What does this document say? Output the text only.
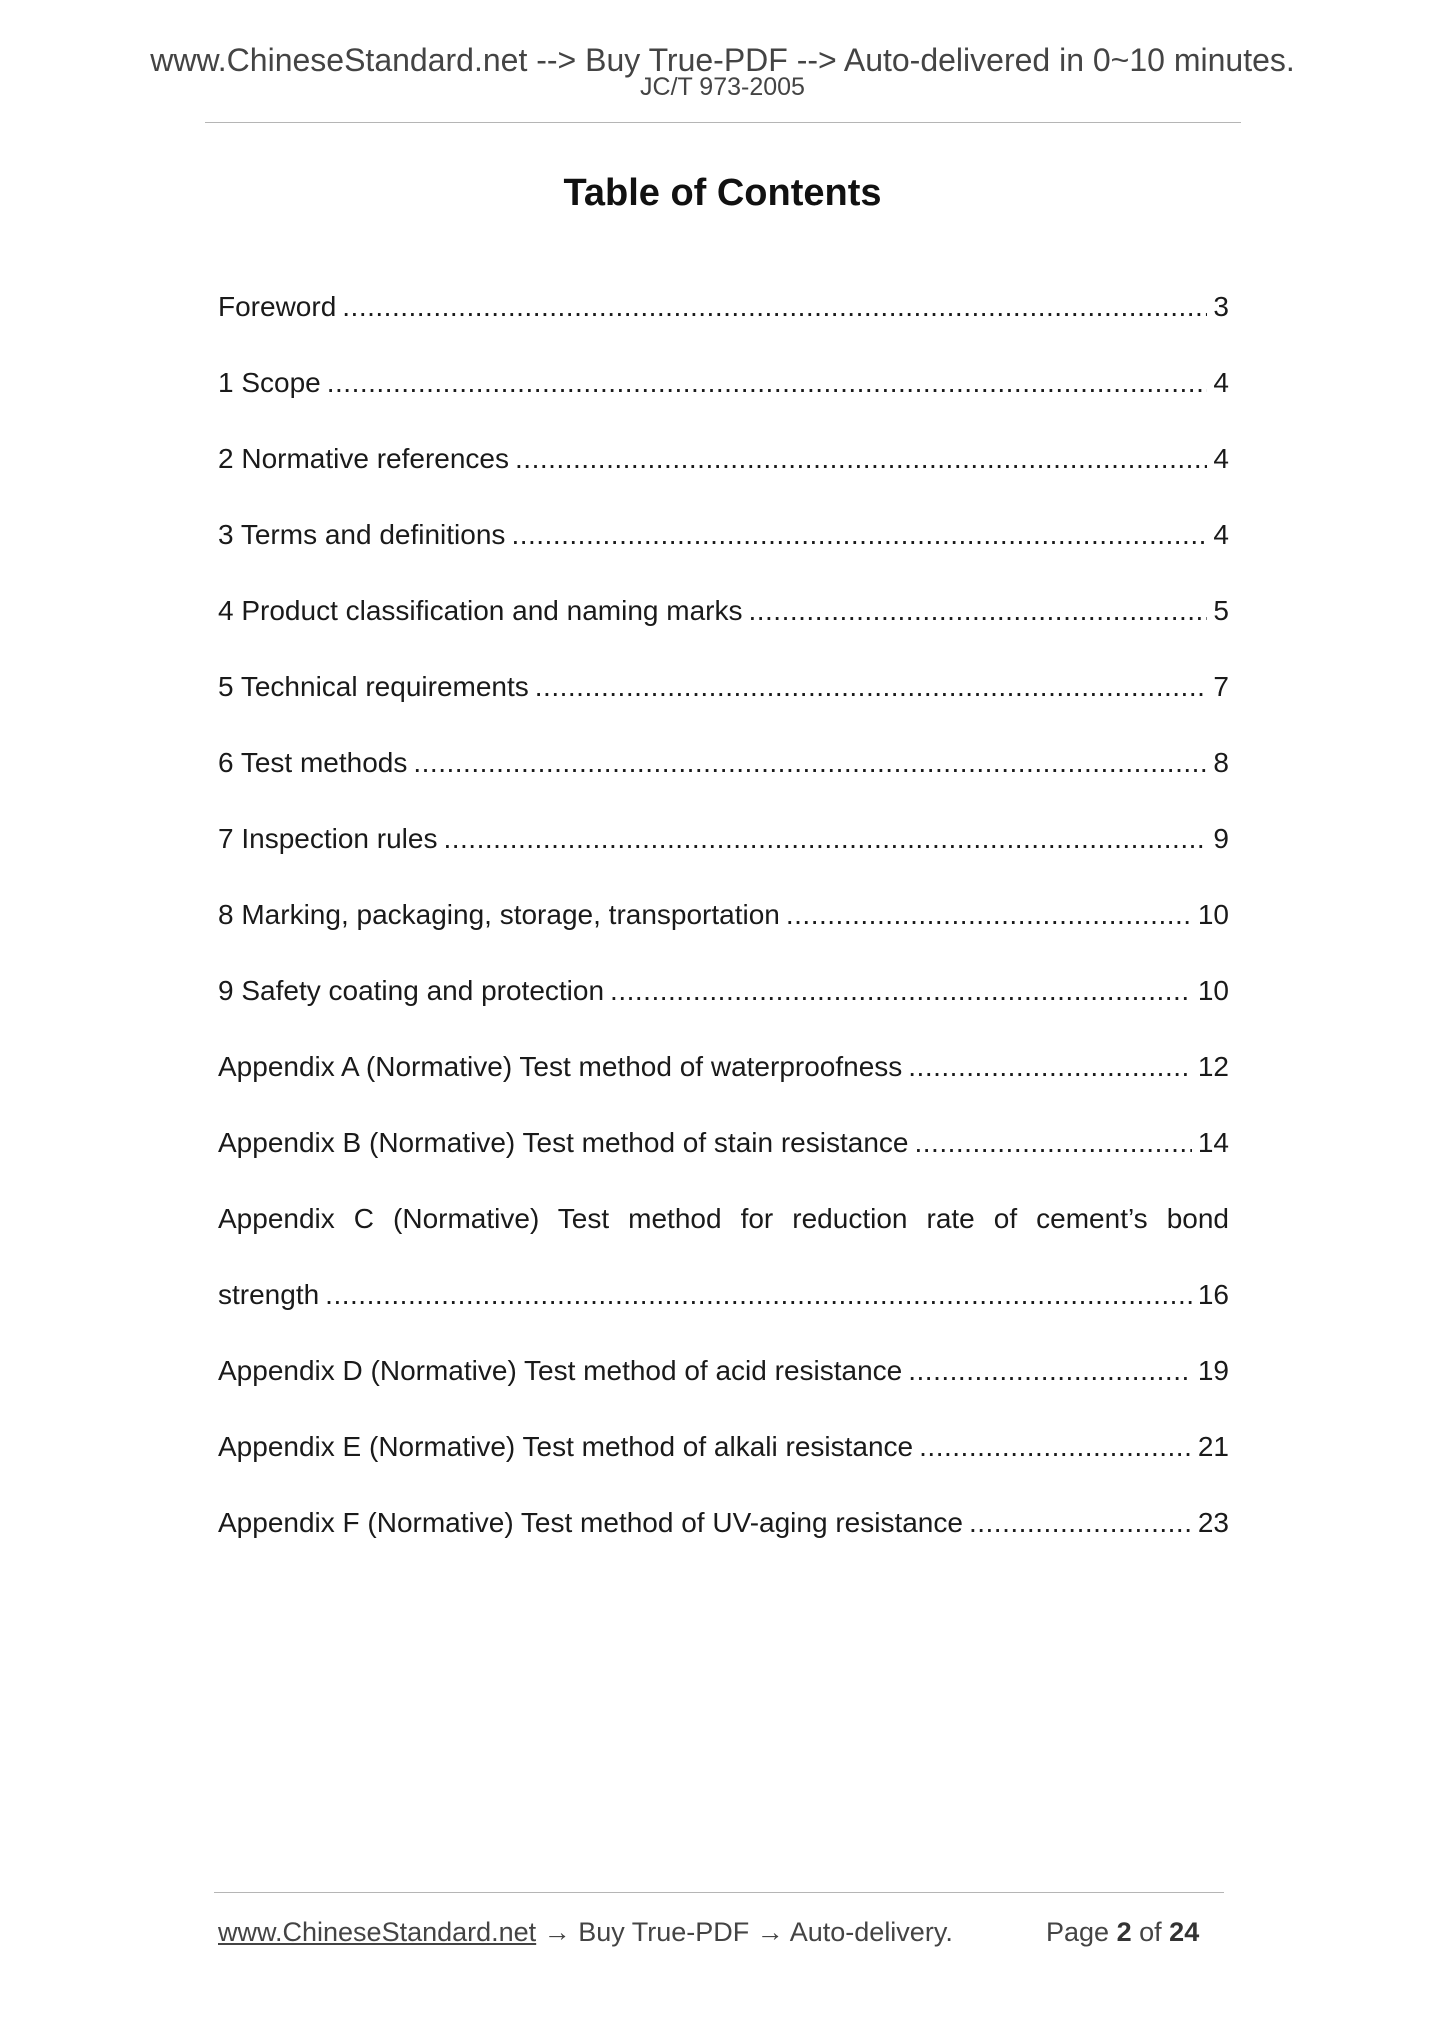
www.ChineseStandard.net --> Buy True-PDF --> Auto-delivered in 0~10 minutes.
JC/T 973-2005
Table of Contents
Foreword .....	3
1 Scope .....	4
2 Normative references .....	4
3 Terms and definitions .....	4
4 Product classification and naming marks .....	5
5 Technical requirements .....	7
6 Test methods .....	8
7 Inspection rules .....	9
8 Marking, packaging, storage, transportation .....	10
9 Safety coating and protection .....	10
Appendix A (Normative) Test method of waterproofness .....	12
Appendix B (Normative) Test method of stain resistance .....	14
Appendix C (Normative) Test method for reduction rate of cement’s bond
strength .....	16
Appendix D (Normative) Test method of acid resistance .....	19
Appendix E (Normative) Test method of alkali resistance .....	21
Appendix F (Normative) Test method of UV-aging resistance .....	23
www.ChineseStandard.net → Buy True-PDF → Auto-delivery.	Page 2 of 24
